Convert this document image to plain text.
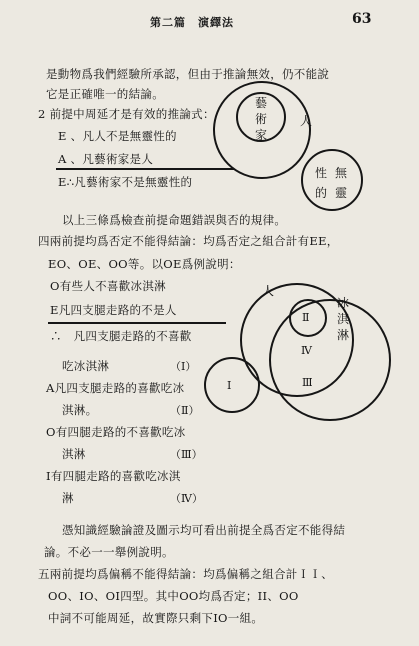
第二篇　演繹法	63
是動物爲我們經驗所承認，但由于推論無效，仍不能說
它是正確唯一的結論。
2 前提中周延才是有效的推論式：
E 、凡人不是無靈性的
A 、凡藝術家是人
E∴凡藝術家不是無靈性的
人
藝
術
家
性 無
的 靈
以上三條爲檢查前提命題錯誤與否的規律。
四兩前提均爲否定不能得結論：均爲否定之組合計有EE，
EO、OE、OO等。以OE爲例說明：
O有些人不喜歡冰淇淋
E凡四支腿走路的不是人
∴　凡四支腿走路的不喜歡
吃冰淇淋	（Ⅰ）
A凡四支腿走路的喜歡吃冰
淇淋。	（Ⅱ）
O有四腿走路的不喜歡吃冰
淇淋	（Ⅲ）
I有四腿走路的喜歡吃冰淇
淋	（Ⅳ）
人
冰
淇
淋
Ⅱ
Ⅳ
Ⅲ
Ⅰ
憑知識經驗論證及圖示均可看出前提全爲否定不能得結
論。不必一一舉例說明。
五兩前提均爲偏稱不能得結論：均爲偏稱之組合計ＩＩ、
OO、IO、OI四型。其中OO均爲否定；II、OO
中詞不可能周延，故實際只剩下IO一組。
